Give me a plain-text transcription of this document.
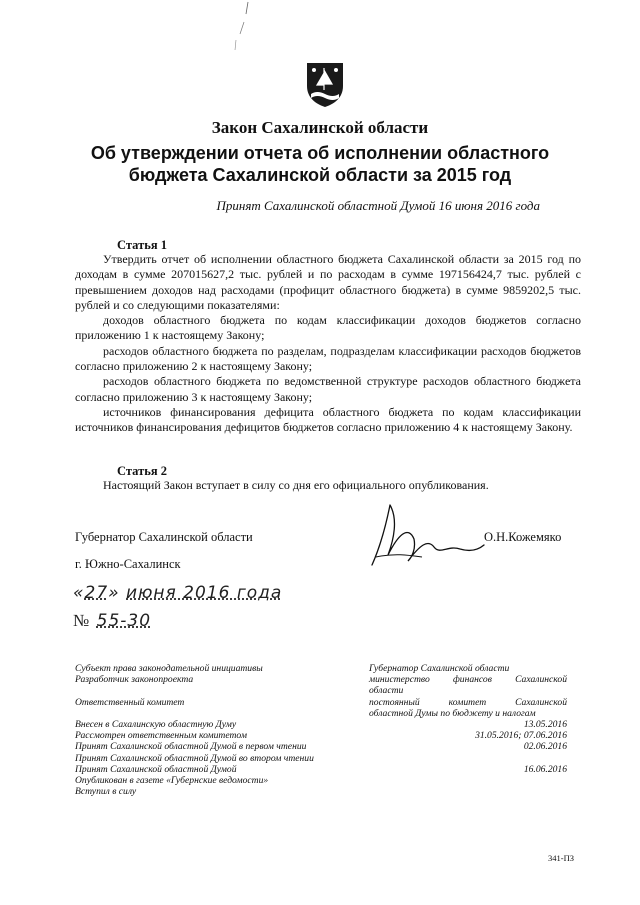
Закон Сахалинской области
Об утверждении отчета об исполнении областного
бюджета Сахалинской области за 2015 год
Принят Сахалинской областной Думой 16 июня 2016 года
Статья 1

Утвердить отчет об исполнении областного бюджета Сахалинской области за 2015 год по доходам в сумме 207015627,2 тыс. рублей и по расходам в сумме 197156424,7 тыс. рублей с превышением доходов над расходами (профицит областного бюджета) в сумме 9859202,5 тыс. рублей и со следующими показателями:

доходов областного бюджета по кодам классификации доходов бюджетов согласно приложению 1 к настоящему Закону;

расходов областного бюджета по разделам, подразделам классификации расходов бюджетов согласно приложению 2 к настоящему Закону;

расходов областного бюджета по ведомственной структуре расходов областного бюджета согласно приложению 3 к настоящему Закону;

источников финансирования дефицита областного бюджета по кодам классификации источников финансирования дефицитов бюджетов согласно приложению 4 к настоящему Закону.

Статья 2

Настоящий Закон вступает в силу со дня его официального опубликования.

Губернатор Сахалинской области	О.Н.Кожемяко
г. Южно-Сахалинск
«27» июня 2016 года
№ 55-30
Субъект права законодательной инициативы
Разработчик законопроекта

Ответственный комитет

Внесен в Сахалинскую областную Думу
Рассмотрен ответственным комитетом
Принят Сахалинской областной Думой в первом чтении
Принят Сахалинской областной Думой во втором чтении
Принят Сахалинской областной Думой
Опубликован в газете «Губернские ведомости»
Вступил в силу
Губернатор Сахалинской области
министерство финансов Сахалинской
области
постоянный комитет Сахалинской
областной Думы по бюджету и налогам
13.05.2016
31.05.2016; 07.06.2016
02.06.2016

16.06.2016
341-ПЗ
